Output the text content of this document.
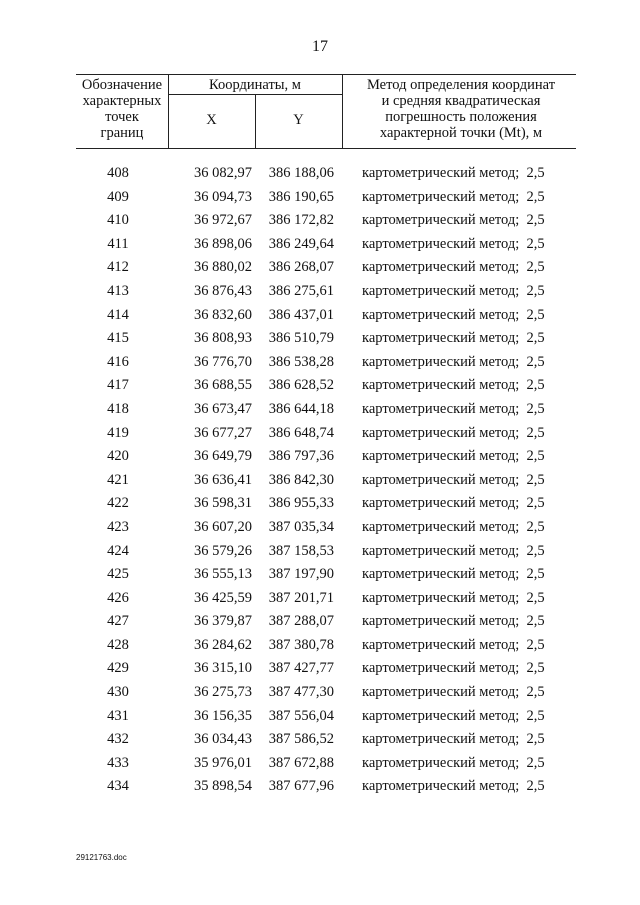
17
Обозначение
характерных
точек
границ
Координаты, м
X	Y
Метод определения координат
и средняя квадратическая
погрешность положения
характерной точки (Mt), м
408	36 082,97	386 188,06 картометрический метод;  2,5
409	36 094,73	386 190,65 картометрический метод;  2,5
410	36 972,67	386 172,82 картометрический метод;  2,5
411	36 898,06	386 249,64 картометрический метод;  2,5
412	36 880,02	386 268,07 картометрический метод;  2,5
413	36 876,43	386 275,61 картометрический метод;  2,5
414	36 832,60	386 437,01 картометрический метод;  2,5
415	36 808,93	386 510,79 картометрический метод;  2,5
416	36 776,70	386 538,28 картометрический метод;  2,5
417	36 688,55	386 628,52 картометрический метод;  2,5
418	36 673,47	386 644,18 картометрический метод;  2,5
419	36 677,27	386 648,74 картометрический метод;  2,5
420	36 649,79	386 797,36 картометрический метод;  2,5
421	36 636,41	386 842,30 картометрический метод;  2,5
422	36 598,31	386 955,33 картометрический метод;  2,5
423	36 607,20	387 035,34 картометрический метод;  2,5
424	36 579,26	387 158,53 картометрический метод;  2,5
425	36 555,13	387 197,90 картометрический метод;  2,5
426	36 425,59	387 201,71 картометрический метод;  2,5
427	36 379,87	387 288,07 картометрический метод;  2,5
428	36 284,62	387 380,78 картометрический метод;  2,5
429	36 315,10	387 427,77 картометрический метод;  2,5
430	36 275,73	387 477,30 картометрический метод;  2,5
431	36 156,35	387 556,04 картометрический метод;  2,5
432	36 034,43	387 586,52 картометрический метод;  2,5
433	35 976,01	387 672,88 картометрический метод;  2,5
434	35 898,54	387 677,96 картометрический метод;  2,5
29121763.doc
